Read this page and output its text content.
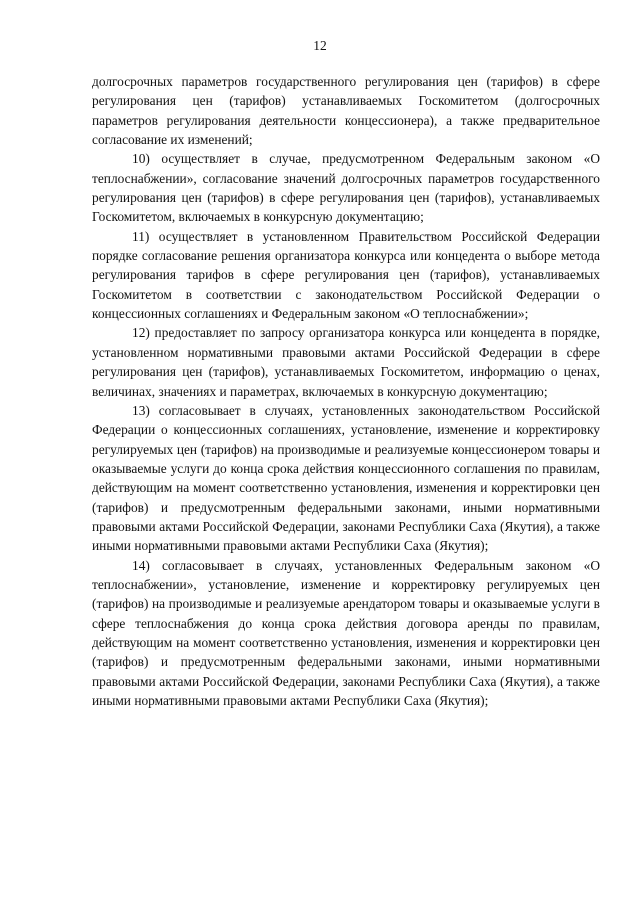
12

долгосрочных параметров государственного регулирования цен (тарифов) в сфере регулирования цен (тарифов) устанавливаемых Госкомитетом (долгосрочных параметров регулирования деятельности концессионера), а также предварительное согласование их изменений;

10) осуществляет в случае, предусмотренном Федеральным законом «О теплоснабжении», согласование значений долгосрочных параметров государственного регулирования цен (тарифов) в сфере регулирования цен (тарифов), устанавливаемых Госкомитетом, включаемых в конкурсную документацию;

11) осуществляет в установленном Правительством Российской Федерации порядке согласование решения организатора конкурса или концедента о выборе метода регулирования тарифов в сфере регулирования цен (тарифов), устанавливаемых Госкомитетом в соответствии с законодательством Российской Федерации о концессионных соглашениях и Федеральным законом «О теплоснабжении»;

12) предоставляет по запросу организатора конкурса или концедента в порядке, установленном нормативными правовыми актами Российской Федерации в сфере регулирования цен (тарифов), устанавливаемых Госкомитетом, информацию о ценах, величинах, значениях и параметрах, включаемых в конкурсную документацию;

13) согласовывает в случаях, установленных законодательством Российской Федерации о концессионных соглашениях, установление, изменение и корректировку регулируемых цен (тарифов) на производимые и реализуемые концессионером товары и оказываемые услуги до конца срока действия концессионного соглашения по правилам, действующим на момент соответственно установления, изменения и корректировки цен (тарифов) и предусмотренным федеральными законами, иными нормативными правовыми актами Российской Федерации, законами Республики Саха (Якутия), а также иными нормативными правовыми актами Республики Саха (Якутия);

14) согласовывает в случаях, установленных Федеральным законом «О теплоснабжении», установление, изменение и корректировку регулируемых цен (тарифов) на производимые и реализуемые арендатором товары и оказываемые услуги в сфере теплоснабжения до конца срока действия договора аренды по правилам, действующим на момент соответственно установления, изменения и корректировки цен (тарифов) и предусмотренным федеральными законами, иными нормативными правовыми актами Российской Федерации, законами Республики Саха (Якутия), а также иными нормативными правовыми актами Республики Саха (Якутия);
